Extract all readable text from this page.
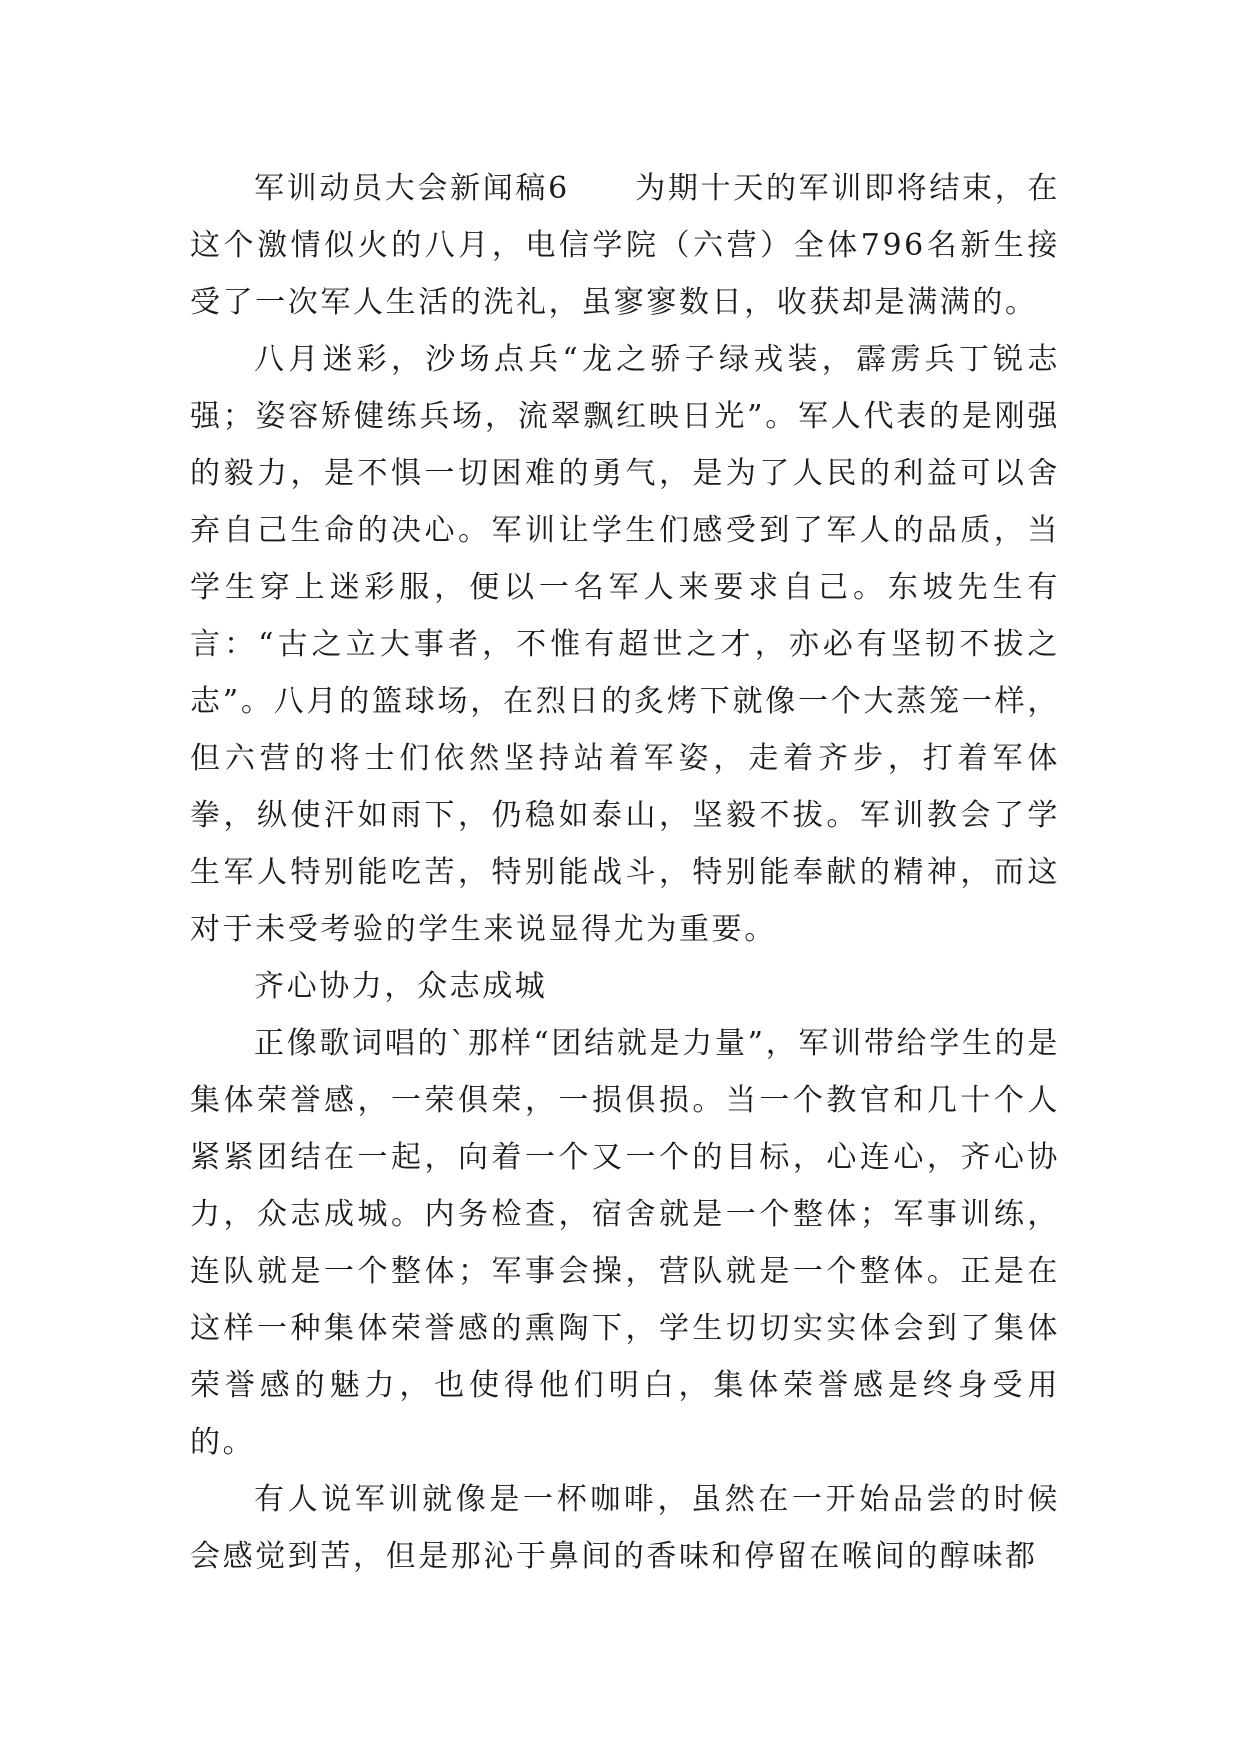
军训动员大会新闻稿6　　为期十天的军训即将结束，在这个激情似火的八月，电信学院（六营）全体796名新生接受了一次军人生活的洗礼，虽寥寥数日，收获却是满满的。

八月迷彩，沙场点兵“龙之骄子绿戎装，霹雳兵丁锐志强；姿容矫健练兵场，流翠飘红映日光”。军人代表的是刚强的毅力，是不惧一切困难的勇气，是为了人民的利益可以舍弃自己生命的决心。军训让学生们感受到了军人的品质，当学生穿上迷彩服，便以一名军人来要求自己。东坡先生有言：“古之立大事者，不惟有超世之才，亦必有坚韧不拔之志”。八月的篮球场，在烈日的炙烤下就像一个大蒸笼一样，但六营的将士们依然坚持站着军姿，走着齐步，打着军体拳，纵使汗如雨下，仍稳如泰山，坚毅不拔。军训教会了学生军人特别能吃苦，特别能战斗，特别能奉献的精神，而这对于未受考验的学生来说显得尤为重要。

齐心协力，众志成城

正像歌词唱的`那样“团结就是力量”，军训带给学生的是集体荣誉感，一荣俱荣，一损俱损。当一个教官和几十个人紧紧团结在一起，向着一个又一个的目标，心连心，齐心协力，众志成城。内务检查，宿舍就是一个整体；军事训练，连队就是一个整体；军事会操，营队就是一个整体。正是在这样一种集体荣誉感的熏陶下，学生切切实实体会到了集体荣誉感的魅力，也使得他们明白，集体荣誉感是终身受用的。

有人说军训就像是一杯咖啡，虽然在一开始品尝的时候会感觉到苦，但是那沁于鼻间的香味和停留在喉间的醇味都
